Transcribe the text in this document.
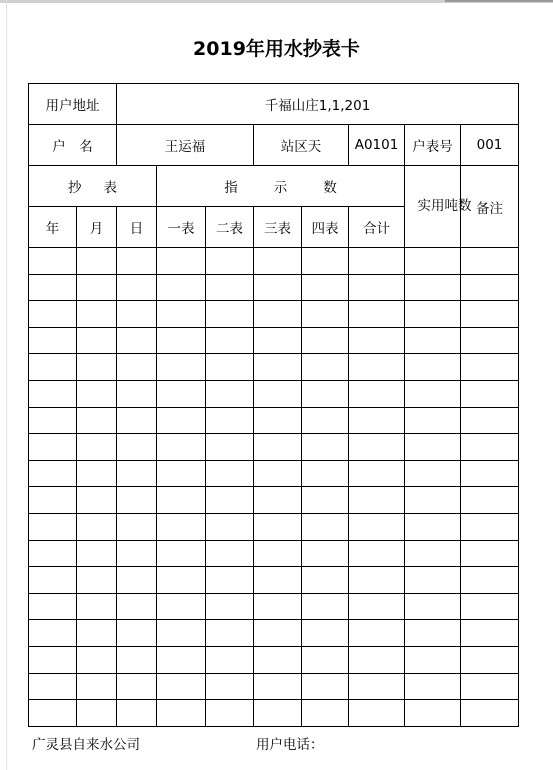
2019年用水抄表卡
用户地址		千福山庄1,1,201							
户　名		王运福			站区天		A0101	户表号	001
抄表			指示数					实用吨数	备注
年	月	日	一表	二表	三表	四表	合计		

广灵县自来水公司	用户电话：
